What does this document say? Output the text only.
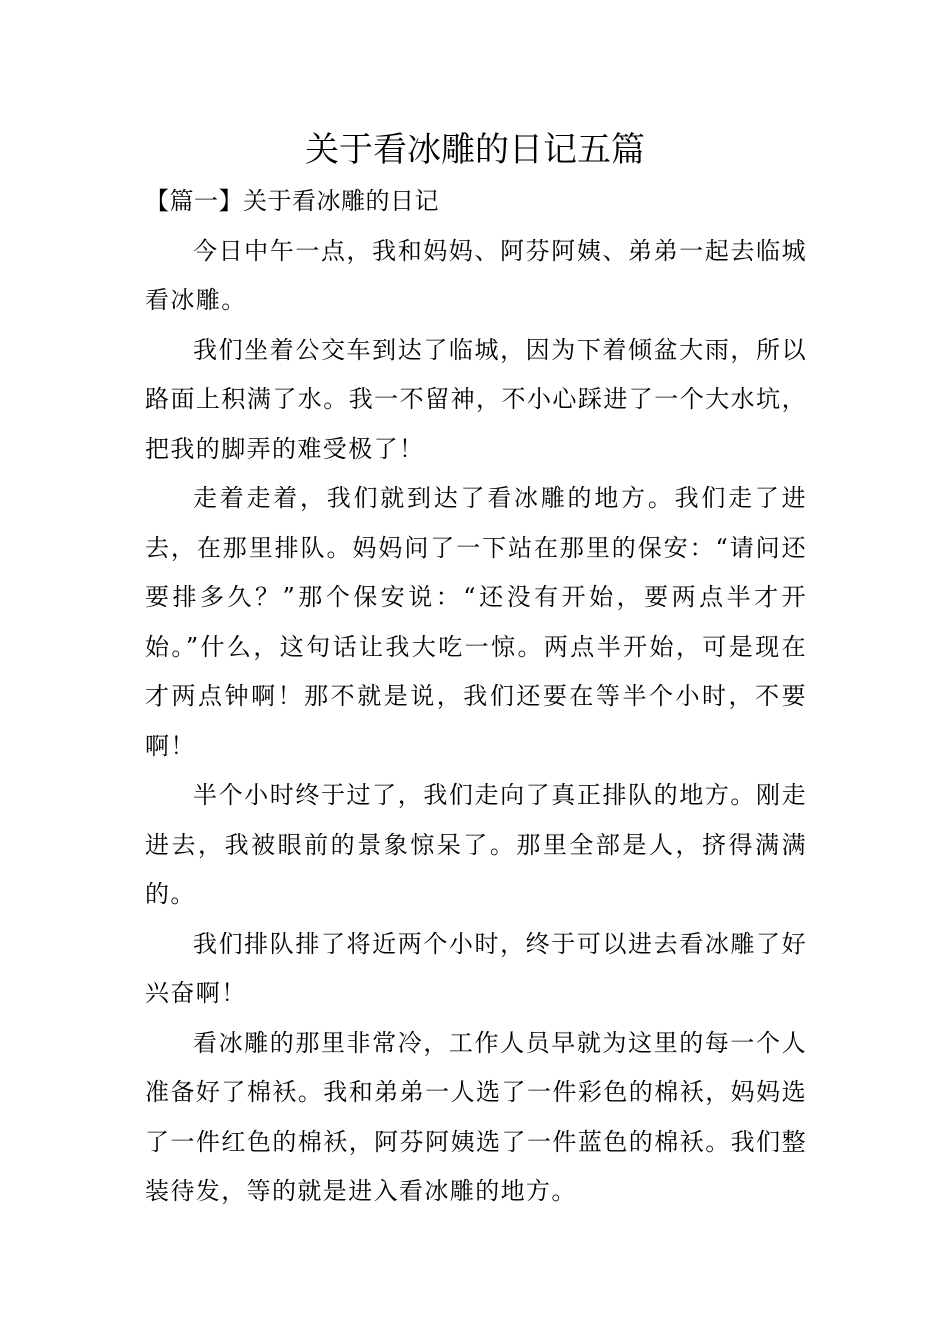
关于看冰雕的日记五篇

【篇一】关于看冰雕的日记

今日中午一点，我和妈妈、阿芬阿姨、弟弟一起去临城看冰雕。

我们坐着公交车到达了临城，因为下着倾盆大雨，所以路面上积满了水。我一不留神，不小心踩进了一个大水坑，把我的脚弄的难受极了！

走着走着，我们就到达了看冰雕的地方。我们走了进去，在那里排队。妈妈问了一下站在那里的保安：“请问还要排多久？”那个保安说：“还没有开始，要两点半才开始。”什么，这句话让我大吃一惊。两点半开始，可是现在才两点钟啊！那不就是说，我们还要在等半个小时，不要啊！

半个小时终于过了，我们走向了真正排队的地方。刚走进去，我被眼前的景象惊呆了。那里全部是人，挤得满满的。

我们排队排了将近两个小时，终于可以进去看冰雕了好兴奋啊！

看冰雕的那里非常冷，工作人员早就为这里的每一个人准备好了棉袄。我和弟弟一人选了一件彩色的棉袄，妈妈选了一件红色的棉袄，阿芬阿姨选了一件蓝色的棉袄。我们整装待发，等的就是进入看冰雕的地方。
